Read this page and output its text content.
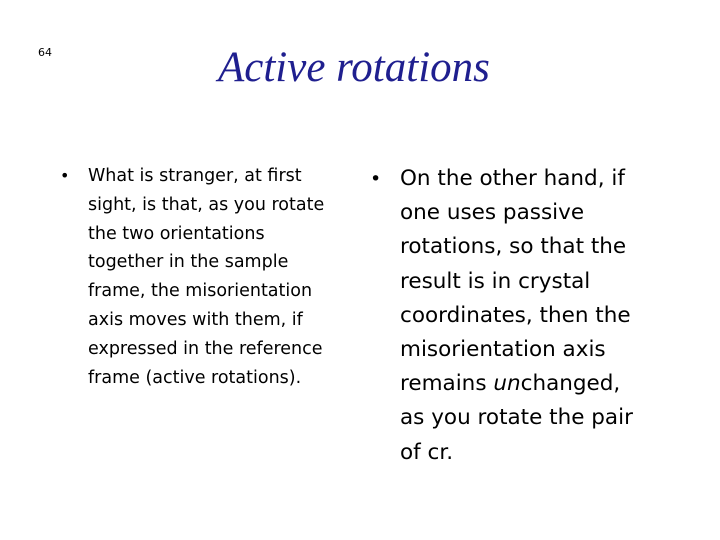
64	Active rotations
• What is stranger, at first
sight, is that, as you rotate
the two orientations
together in the sample
frame, the misorientation
axis moves with them, if
expressed in the reference
frame (active rotations).
• On the other hand, if
one uses passive
rotations, so that the
result is in crystal
coordinates, then the
misorientation axis
remains unchanged,
as you rotate the pair
of cr.
